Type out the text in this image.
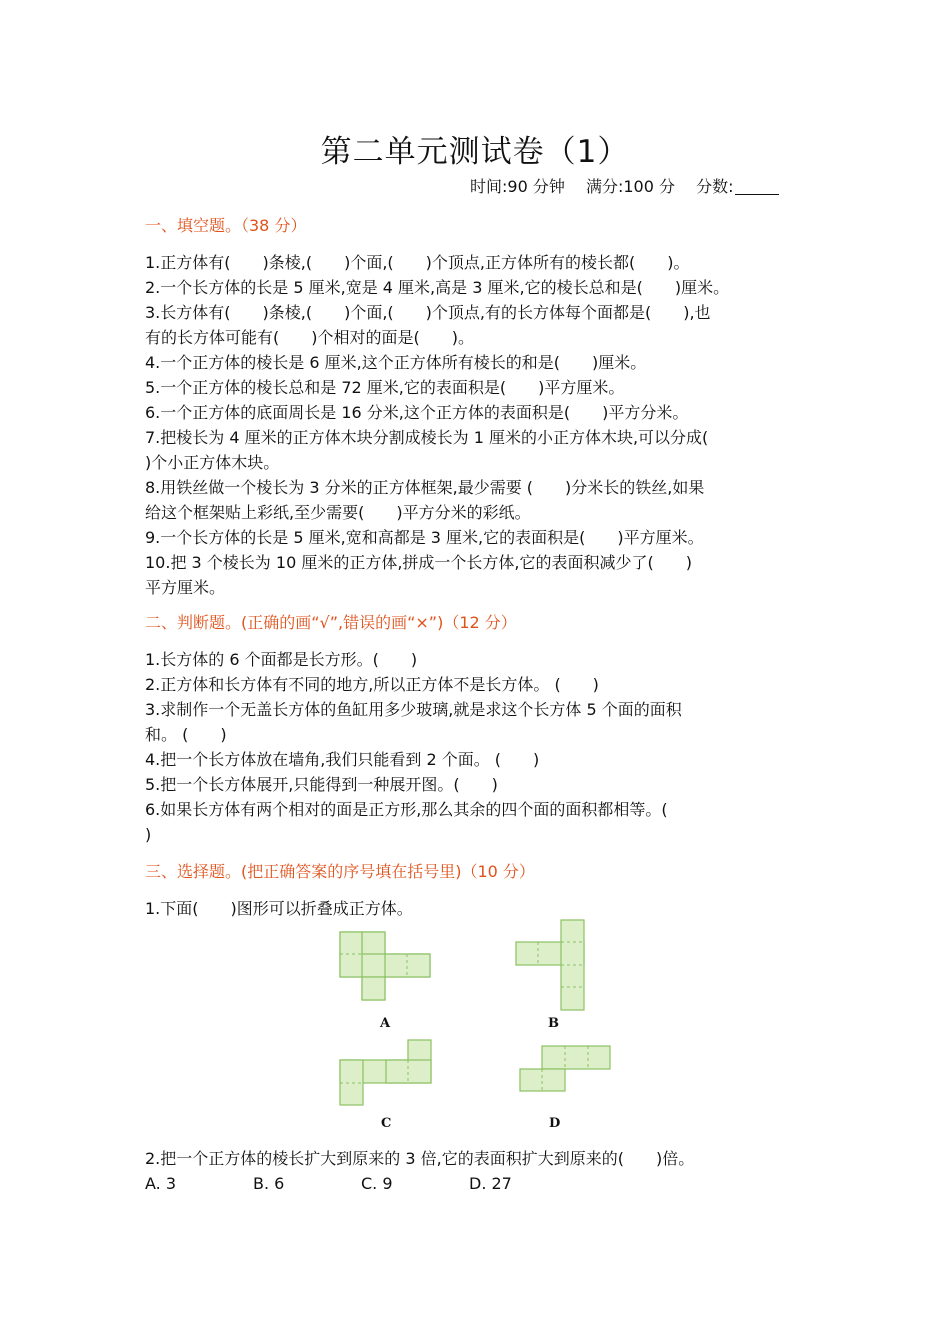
第二单元测试卷（1）
时间:90 分钟 满分:100 分 分数:
一、填空题。（38 分）

1.正方体有(　　)条棱,(　　)个面,(　　)个顶点,正方体所有的棱长都(　　)。

2.一个长方体的长是 5 厘米,宽是 4 厘米,高是 3 厘米,它的棱长总和是(　　)厘米。

3.长方体有(　　)条棱,(　　)个面,(　　)个顶点,有的长方体每个面都是(　　),也

有的长方体可能有(　　)个相对的面是(　　)。

4.一个正方体的棱长是 6 厘米,这个正方体所有棱长的和是(　　)厘米。

5.一个正方体的棱长总和是 72 厘米,它的表面积是(　　)平方厘米。

6.一个正方体的底面周长是 16 分米,这个正方体的表面积是(　　)平方分米。

7.把棱长为 4 厘米的正方体木块分割成棱长为 1 厘米的小正方体木块,可以分成(

)个小正方体木块。

8.用铁丝做一个棱长为 3 分米的正方体框架,最少需要 (　　)分米长的铁丝,如果

给这个框架贴上彩纸,至少需要(　　)平方分米的彩纸。

9.一个长方体的长是 5 厘米,宽和高都是 3 厘米,它的表面积是(　　)平方厘米。

10.把 3 个棱长为 10 厘米的正方体,拼成一个长方体,它的表面积减少了(　　)

平方厘米。

二、判断题。(正确的画“√”,错误的画“×”)（12 分）

1.长方体的 6 个面都是长方形。(　　)

2.正方体和长方体有不同的地方,所以正方体不是长方体。 (　　)

3.求制作一个无盖长方体的鱼缸用多少玻璃,就是求这个长方体 5 个面的面积

和。 (　　)

4.把一个长方体放在墙角,我们只能看到 2 个面。 (　　)

5.把一个长方体展开,只能得到一种展开图。(　　)

6.如果长方体有两个相对的面是正方形,那么其余的四个面的面积都相等。(

)

三、选择题。(把正确答案的序号填在括号里)（10 分）

1.下面(　　)图形可以折叠成正方体。

A	B
C	D

2.把一个正方体的棱长扩大到原来的 3 倍,它的表面积扩大到原来的(　　)倍。

A. 3	B. 6	C. 9	D. 27
